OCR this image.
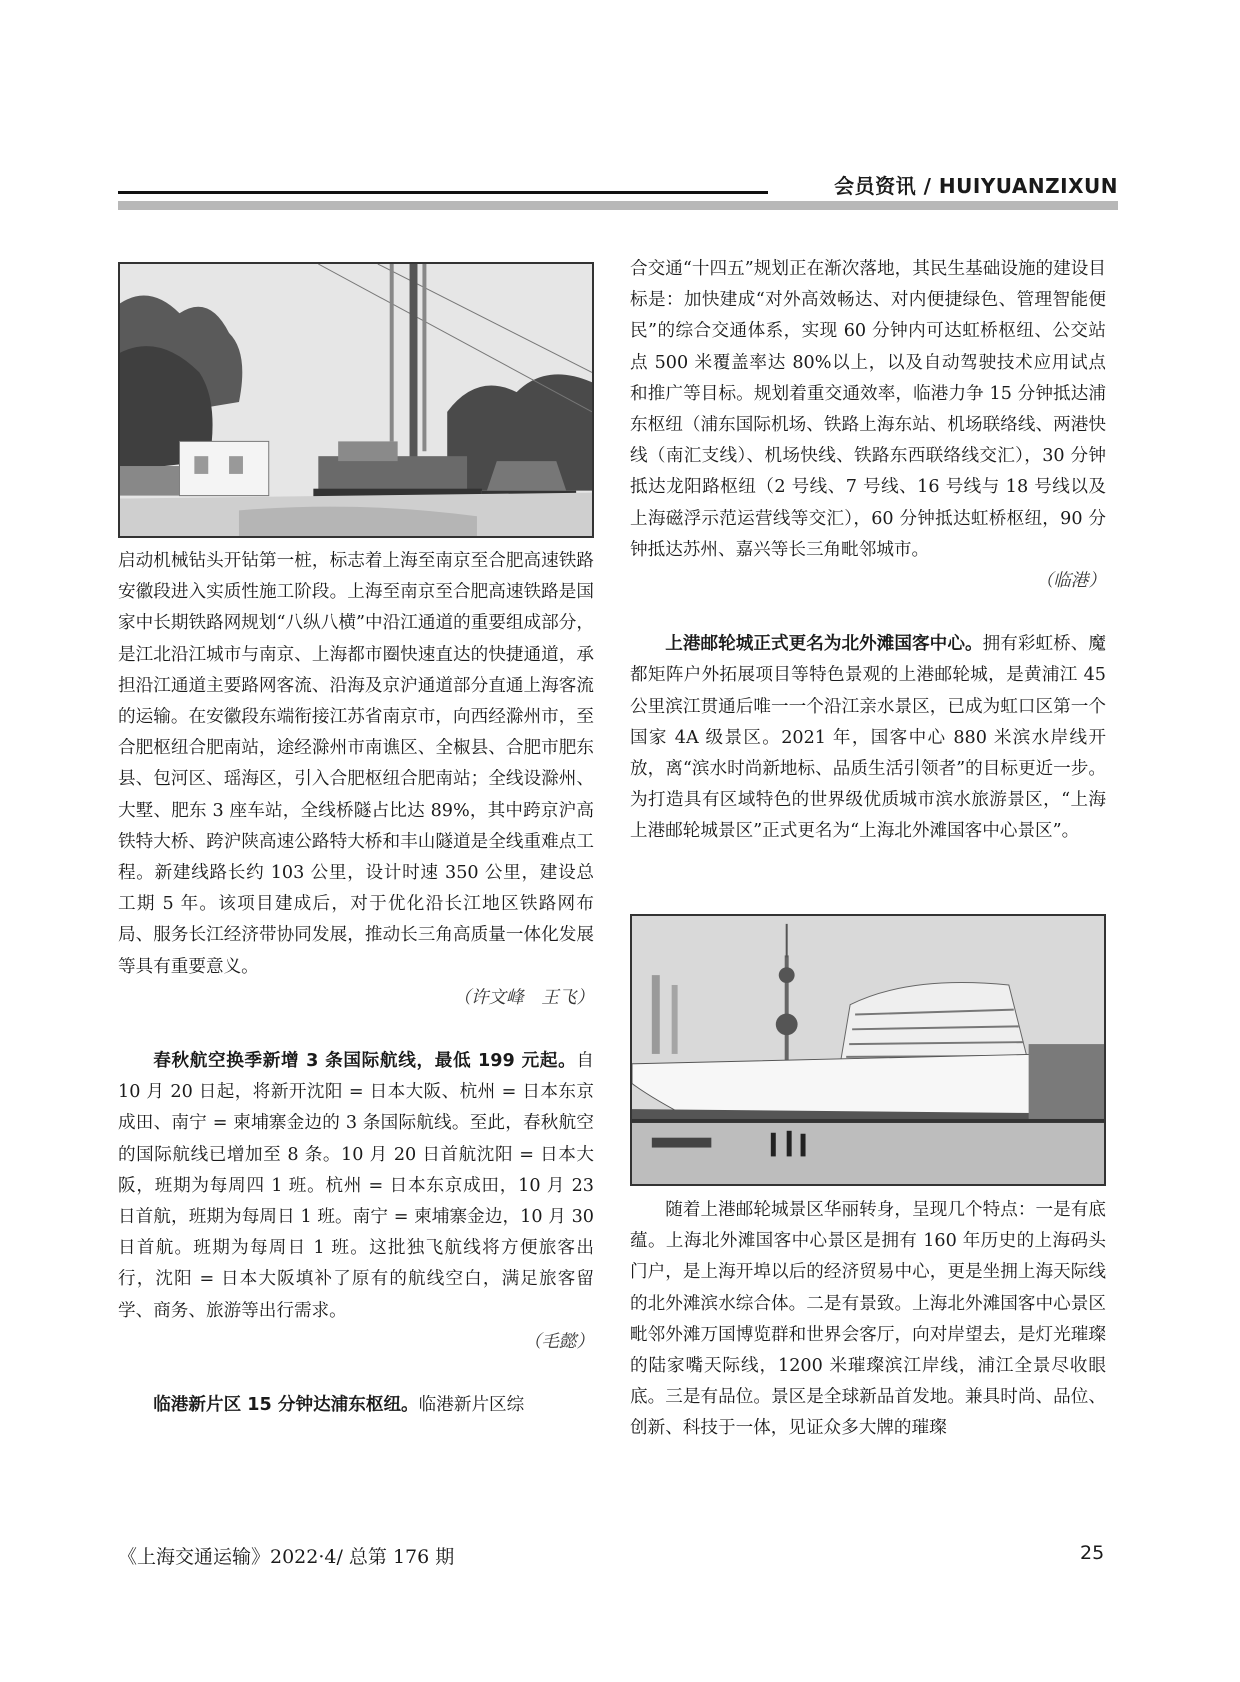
会员资讯 / HUIYUANZIXUN

启动机械钻头开钻第一桩，标志着上海至南京至合肥高速铁路安徽段进入实质性施工阶段。上海至南京至合肥高速铁路是国家中长期铁路网规划“八纵八横”中沿江通道的重要组成部分，是江北沿江城市与南京、上海都市圈快速直达的快捷通道，承担沿江通道主要路网客流、沿海及京沪通道部分直通上海客流的运输。在安徽段东端衔接江苏省南京市，向西经滁州市，至合肥枢纽合肥南站，途经滁州市南谯区、全椒县、合肥市肥东县、包河区、瑶海区，引入合肥枢纽合肥南站；全线设滁州、大墅、肥东 3 座车站，全线桥隧占比达 89%，其中跨京沪高铁特大桥、跨沪陕高速公路特大桥和丰山隧道是全线重难点工程。新建线路长约 103 公里，设计时速 350 公里，建设总工期 5 年。该项目建成后，对于优化沿长江地区铁路网布局、服务长江经济带协同发展，推动长三角高质量一体化发展等具有重要意义。

（许文峰　王飞）

春秋航空换季新增 3 条国际航线，最低 199 元起。自 10 月 20 日起，将新开沈阳 = 日本大阪、杭州 = 日本东京成田、南宁 = 柬埔寨金边的 3 条国际航线。至此，春秋航空的国际航线已增加至 8 条。10 月 20 日首航沈阳 = 日本大阪，班期为每周四 1 班。杭州 = 日本东京成田，10 月 23 日首航，班期为每周日 1 班。南宁 = 柬埔寨金边，10 月 30 日首航。班期为每周日 1 班。这批独飞航线将方便旅客出行，沈阳 = 日本大阪填补了原有的航线空白，满足旅客留学、商务、旅游等出行需求。

（毛懿）

临港新片区 15 分钟达浦东枢纽。临港新片区综

合交通“十四五”规划正在渐次落地，其民生基础设施的建设目标是：加快建成“对外高效畅达、对内便捷绿色、管理智能便民”的综合交通体系，实现 60 分钟内可达虹桥枢纽、公交站点 500 米覆盖率达 80%以上，以及自动驾驶技术应用试点和推广等目标。规划着重交通效率，临港力争 15 分钟抵达浦东枢纽（浦东国际机场、铁路上海东站、机场联络线、两港快线（南汇支线）、机场快线、铁路东西联络线交汇），30 分钟抵达龙阳路枢纽（2 号线、7 号线、16 号线与 18 号线以及上海磁浮示范运营线等交汇），60 分钟抵达虹桥枢纽，90 分钟抵达苏州、嘉兴等长三角毗邻城市。

（临港）

上港邮轮城正式更名为北外滩国客中心。拥有彩虹桥、魔都矩阵户外拓展项目等特色景观的上港邮轮城，是黄浦江 45 公里滨江贯通后唯一一个沿江亲水景区，已成为虹口区第一个国家 4A 级景区。2021 年，国客中心 880 米滨水岸线开放，离“滨水时尚新地标、品质生活引领者”的目标更近一步。为打造具有区域特色的世界级优质城市滨水旅游景区，“上海上港邮轮城景区”正式更名为“上海北外滩国客中心景区”。

随着上港邮轮城景区华丽转身，呈现几个特点：一是有底蕴。上海北外滩国客中心景区是拥有 160 年历史的上海码头门户，是上海开埠以后的经济贸易中心，更是坐拥上海天际线的北外滩滨水综合体。二是有景致。上海北外滩国客中心景区毗邻外滩万国博览群和世界会客厅，向对岸望去，是灯光璀璨的陆家嘴天际线，1200 米璀璨滨江岸线，浦江全景尽收眼底。三是有品位。景区是全球新品首发地。兼具时尚、品位、创新、科技于一体，见证众多大牌的璀璨

《上海交通运输》2022·4/ 总第 176 期	25
